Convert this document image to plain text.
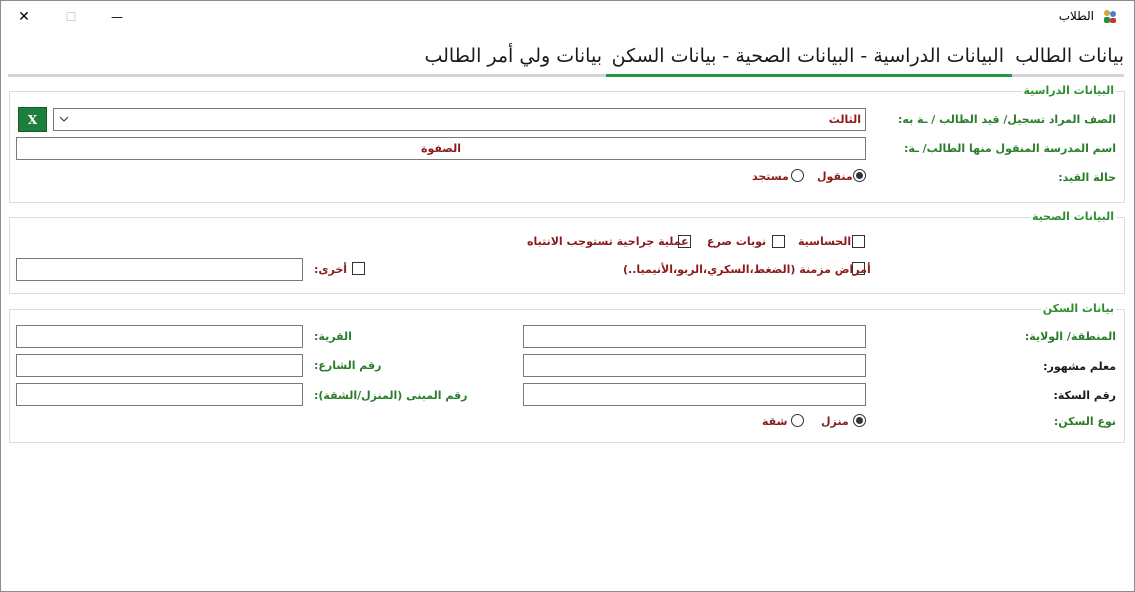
✕	☐	—	الطلاب
بيانات الطالب
البيانات الدراسية - البيانات الصحية - بيانات السكن
بيانات ولي أمر الطالب
البيانات الدراسية
الصف المراد تسجيل/ قيد الطالب / ـة به:
الثالث
X
اسم المدرسة المنقول منها الطالب/ ـة:
الصفوة
حالة القيد:
منقول
مستجد
البيانات الصحية
الحساسية
نوبات صرع
عملية جراحية تستوجب الانتباه
أمراض مزمنة (الضغط،السكري،الربو،الأنيميا..)
أخرى:
بيانات السكن
المنطقة/ الولاية:
القرية:
معلم مشهور:
رقم الشارع:
رقم السكة:
رقم المبنى (المنزل/الشقة):
نوع السكن:
منزل
شقة
